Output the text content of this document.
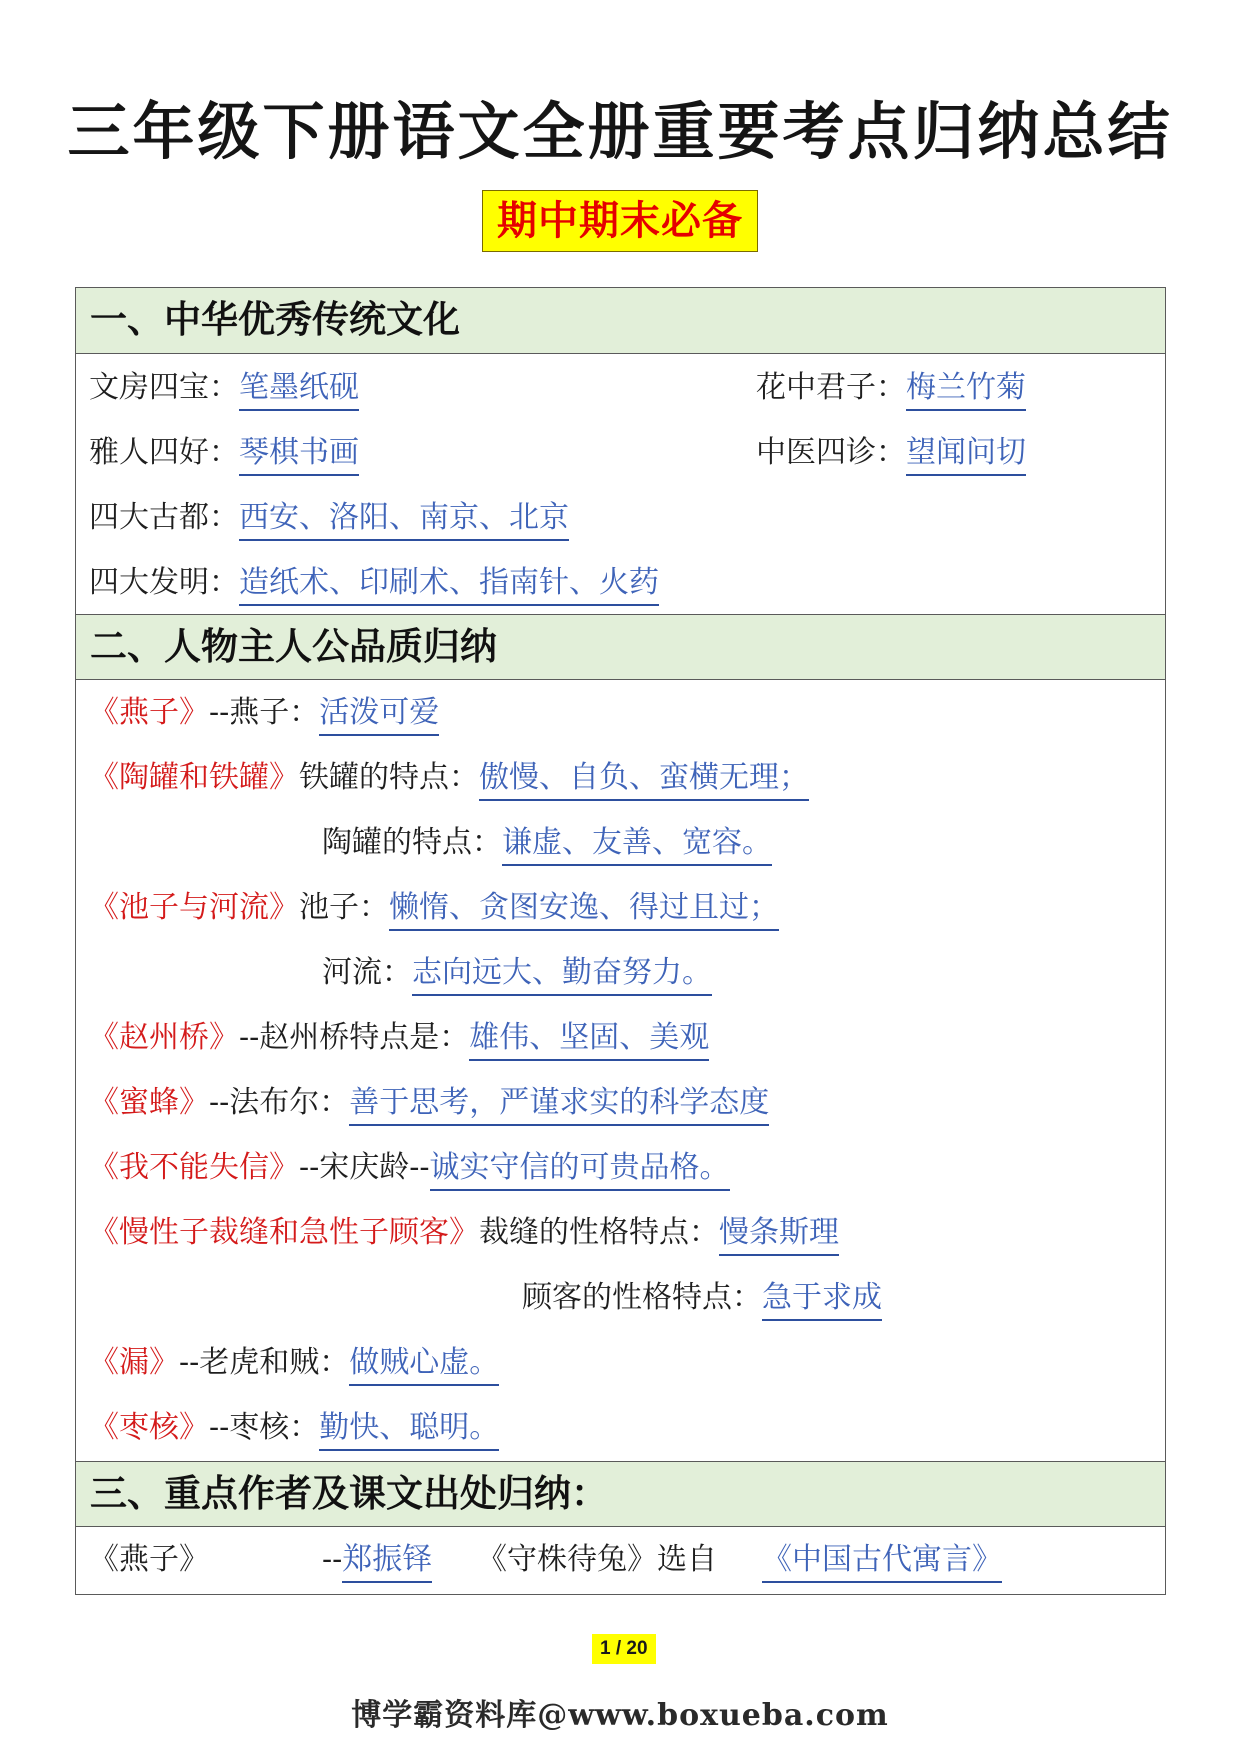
三年级下册语文全册重要考点归纳总结
期中期末必备
一、中华优秀传统文化
文房四宝：笔墨纸砚	花中君子：梅兰竹菊
雅人四好：琴棋书画	中医四诊：望闻问切
四大古都：西安、洛阳、南京、北京
四大发明：造纸术、印刷术、指南针、火药
二、人物主人公品质归纳
《燕子》--燕子：活泼可爱
《陶罐和铁罐》铁罐的特点：傲慢、自负、蛮横无理；
陶罐的特点：谦虚、友善、宽容。
《池子与河流》池子：懒惰、贪图安逸、得过且过；
河流：志向远大、勤奋努力。
《赵州桥》--赵州桥特点是：雄伟、坚固、美观
《蜜蜂》--法布尔：善于思考，严谨求实的科学态度
《我不能失信》--宋庆龄--诚实守信的可贵品格。
《慢性子裁缝和急性子顾客》裁缝的性格特点：慢条斯理
顾客的性格特点：急于求成
《漏》--老虎和贼：做贼心虚。
《枣核》--枣核：勤快、聪明。
三、重点作者及课文出处归纳：
《燕子》	--郑振铎 《守株待兔》选自 《中国古代寓言》
1 / 20
博学霸资料库@www.boxueba.com
